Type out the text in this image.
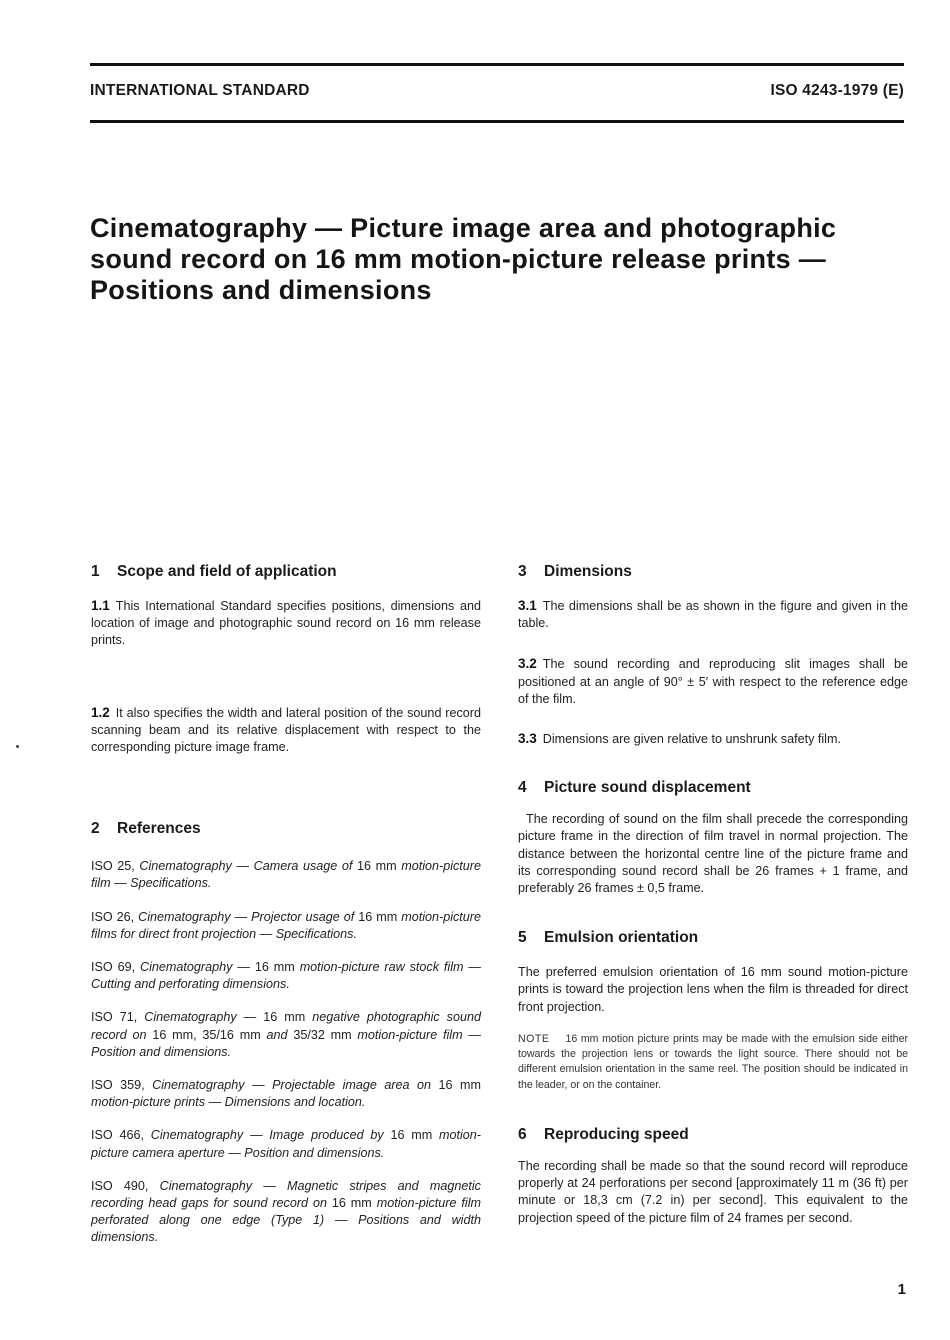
INTERNATIONAL STANDARD	ISO 4243-1979 (E)
Cinematography — Picture image area and photographic
sound record on 16 mm motion-picture release prints —
Positions and dimensions
1 Scope and field of application

1.1 This International Standard specifies positions, dimensions and location of image and photographic sound record on 16 mm release prints.

1.2 It also specifies the width and lateral position of the sound record scanning beam and its relative displacement with respect to the corresponding picture image frame.

2 References

ISO 25, Cinematography — Camera usage of 16 mm motion-picture film — Specifications.

ISO 26, Cinematography — Projector usage of 16 mm motion-picture films for direct front projection — Specifications.

ISO 69, Cinematography — 16 mm motion-picture raw stock film — Cutting and perforating dimensions.

ISO 71, Cinematography — 16 mm negative photographic sound record on 16 mm, 35/16 mm and 35/32 mm motion-picture film — Position and dimensions.

ISO 359, Cinematography — Projectable image area on 16 mm motion-picture prints — Dimensions and location.

ISO 466, Cinematography — Image produced by 16 mm motion-picture camera aperture — Position and dimensions.

ISO 490, Cinematography — Magnetic stripes and magnetic recording head gaps for sound record on 16 mm motion-picture film perforated along one edge (Type 1) — Positions and width dimensions.

3 Dimensions

3.1 The dimensions shall be as shown in the figure and given in the table.

3.2 The sound recording and reproducing slit images shall be positioned at an angle of 90° ± 5′ with respect to the reference edge of the film.

3.3 Dimensions are given relative to unshrunk safety film.

4 Picture sound displacement

The recording of sound on the film shall precede the corresponding picture frame in the direction of film travel in normal projection. The distance between the horizontal centre line of the picture frame and its corresponding sound record shall be 26 frames + 1 frame, and preferably 26 frames ± 0,5 frame.

5 Emulsion orientation

The preferred emulsion orientation of 16 mm sound motion-picture prints is toward the projection lens when the film is threaded for direct front projection.

NOTE 16 mm motion picture prints may be made with the emulsion side either towards the projection lens or towards the light source. There should not be different emulsion orientation in the same reel. The position should be indicated in the leader, or on the container.

6 Reproducing speed

The recording shall be made so that the sound record will reproduce properly at 24 perforations per second [approximately 11 m (36 ft) per minute or 18,3 cm (7.2 in) per second]. This equivalent to the projection speed of the picture film of 24 frames per second.

1
